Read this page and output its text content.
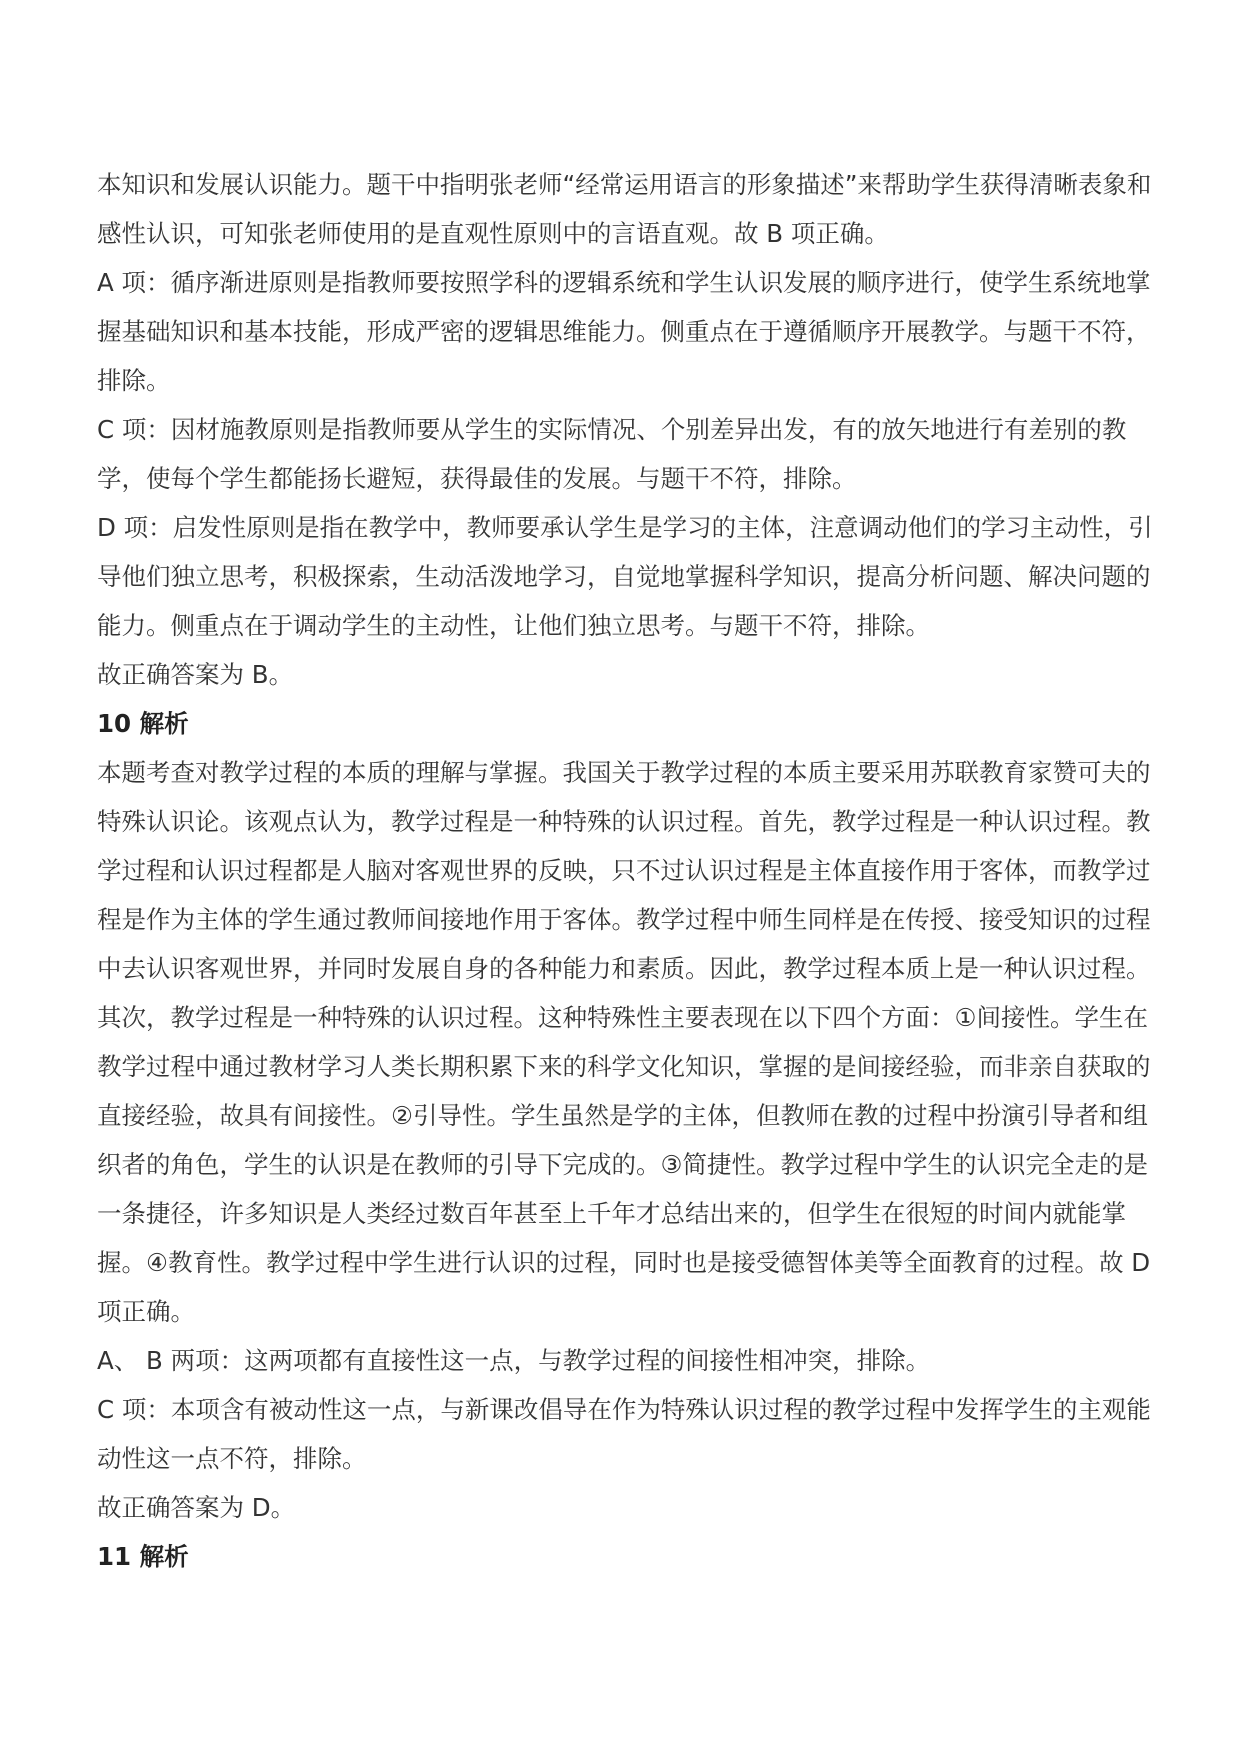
本知识和发展认识能力。题干中指明张老师“经常运用语言的形象描述”来帮助学生获得清晰表象和感性认识，可知张老师使用的是直观性原则中的言语直观。故 B 项正确。

A 项：循序渐进原则是指教师要按照学科的逻辑系统和学生认识发展的顺序进行，使学生系统地掌握基础知识和基本技能，形成严密的逻辑思维能力。侧重点在于遵循顺序开展教学。与题干不符，排除。

C 项：因材施教原则是指教师要从学生的实际情况、个别差异出发，有的放矢地进行有差别的教学，使每个学生都能扬长避短，获得最佳的发展。与题干不符，排除。

D 项：启发性原则是指在教学中，教师要承认学生是学习的主体，注意调动他们的学习主动性，引导他们独立思考，积极探索，生动活泼地学习，自觉地掌握科学知识，提高分析问题、解决问题的能力。侧重点在于调动学生的主动性，让他们独立思考。与题干不符，排除。

故正确答案为 B。

10 解析

本题考查对教学过程的本质的理解与掌握。我国关于教学过程的本质主要采用苏联教育家赞可夫的特殊认识论。该观点认为，教学过程是一种特殊的认识过程。首先，教学过程是一种认识过程。教学过程和认识过程都是人脑对客观世界的反映，只不过认识过程是主体直接作用于客体，而教学过程是作为主体的学生通过教师间接地作用于客体。教学过程中师生同样是在传授、接受知识的过程中去认识客观世界，并同时发展自身的各种能力和素质。因此，教学过程本质上是一种认识过程。其次，教学过程是一种特殊的认识过程。这种特殊性主要表现在以下四个方面：①间接性。学生在教学过程中通过教材学习人类长期积累下来的科学文化知识，掌握的是间接经验，而非亲自获取的直接经验，故具有间接性。②引导性。学生虽然是学的主体，但教师在教的过程中扮演引导者和组织者的角色，学生的认识是在教师的引导下完成的。③简捷性。教学过程中学生的认识完全走的是一条捷径，许多知识是人类经过数百年甚至上千年才总结出来的，但学生在很短的时间内就能掌握。④教育性。教学过程中学生进行认识的过程，同时也是接受德智体美等全面教育的过程。故 D 项正确。

A、 B 两项：这两项都有直接性这一点，与教学过程的间接性相冲突，排除。

C 项：本项含有被动性这一点，与新课改倡导在作为特殊认识过程的教学过程中发挥学生的主观能动性这一点不符，排除。

故正确答案为 D。

11 解析
